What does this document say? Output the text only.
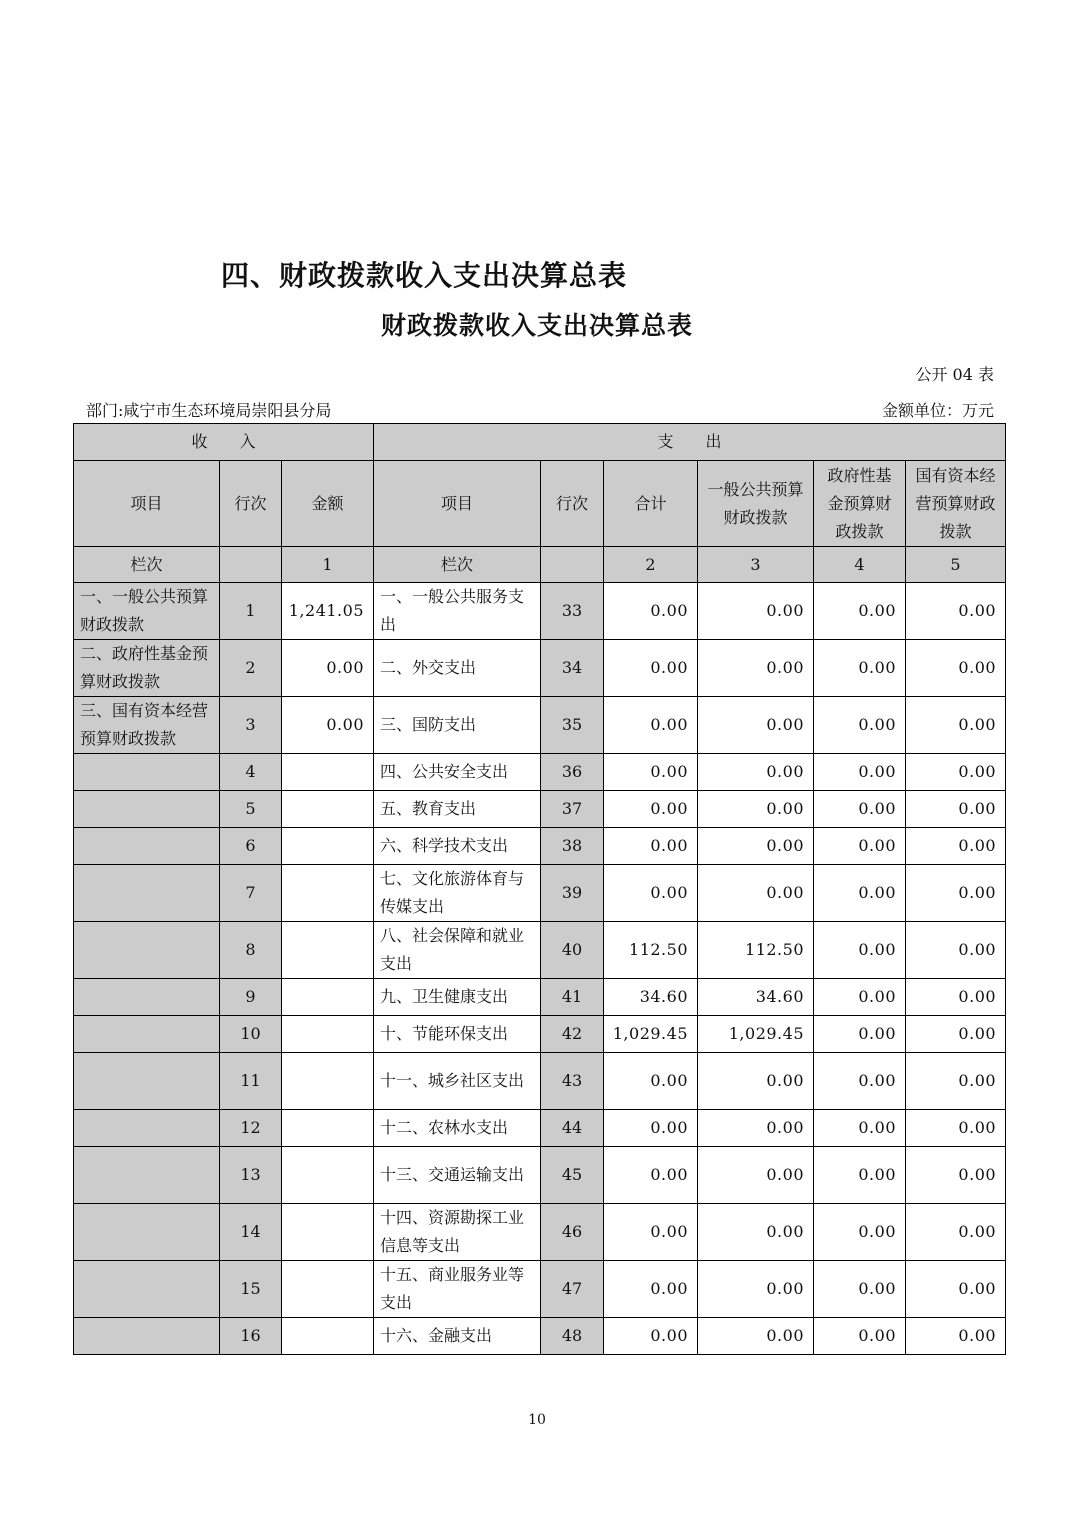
四、财政拨款收入支出决算总表
财政拨款收入支出决算总表
公开 04 表
部门:咸宁市生态环境局崇阳县分局	金额单位：万元
收　　入			支　　出					
项目	行次	金额	项目	行次	合计	一般公共预算财政拨款	政府性基金预算财政拨款	国有资本经营预算财政拨款
栏次		1	栏次		2	3	4	5
一、一般公共预算财政拨款	1	1,241.05	一、一般公共服务支出	33	0.00	0.00	0.00	0.00
二、政府性基金预算财政拨款	2	0.00	二、外交支出	34	0.00	0.00	0.00	0.00
三、国有资本经营预算财政拨款	3	0.00	三、国防支出	35	0.00	0.00	0.00	0.00
	4		四、公共安全支出	36	0.00	0.00	0.00	0.00
	5		五、教育支出	37	0.00	0.00	0.00	0.00
	6		六、科学技术支出	38	0.00	0.00	0.00	0.00
	7		七、文化旅游体育与传媒支出	39	0.00	0.00	0.00	0.00
	8		八、社会保障和就业支出	40	112.50	112.50	0.00	0.00
	9		九、卫生健康支出	41	34.60	34.60	0.00	0.00
	10		十、节能环保支出	42	1,029.45	1,029.45	0.00	0.00
	11		十一、城乡社区支出	43	0.00	0.00	0.00	0.00
	12		十二、农林水支出	44	0.00	0.00	0.00	0.00
	13		十三、交通运输支出	45	0.00	0.00	0.00	0.00
	14		十四、资源勘探工业信息等支出	46	0.00	0.00	0.00	0.00
	15		十五、商业服务业等支出	47	0.00	0.00	0.00	0.00
	16		十六、金融支出	48	0.00	0.00	0.00	0.00
10
